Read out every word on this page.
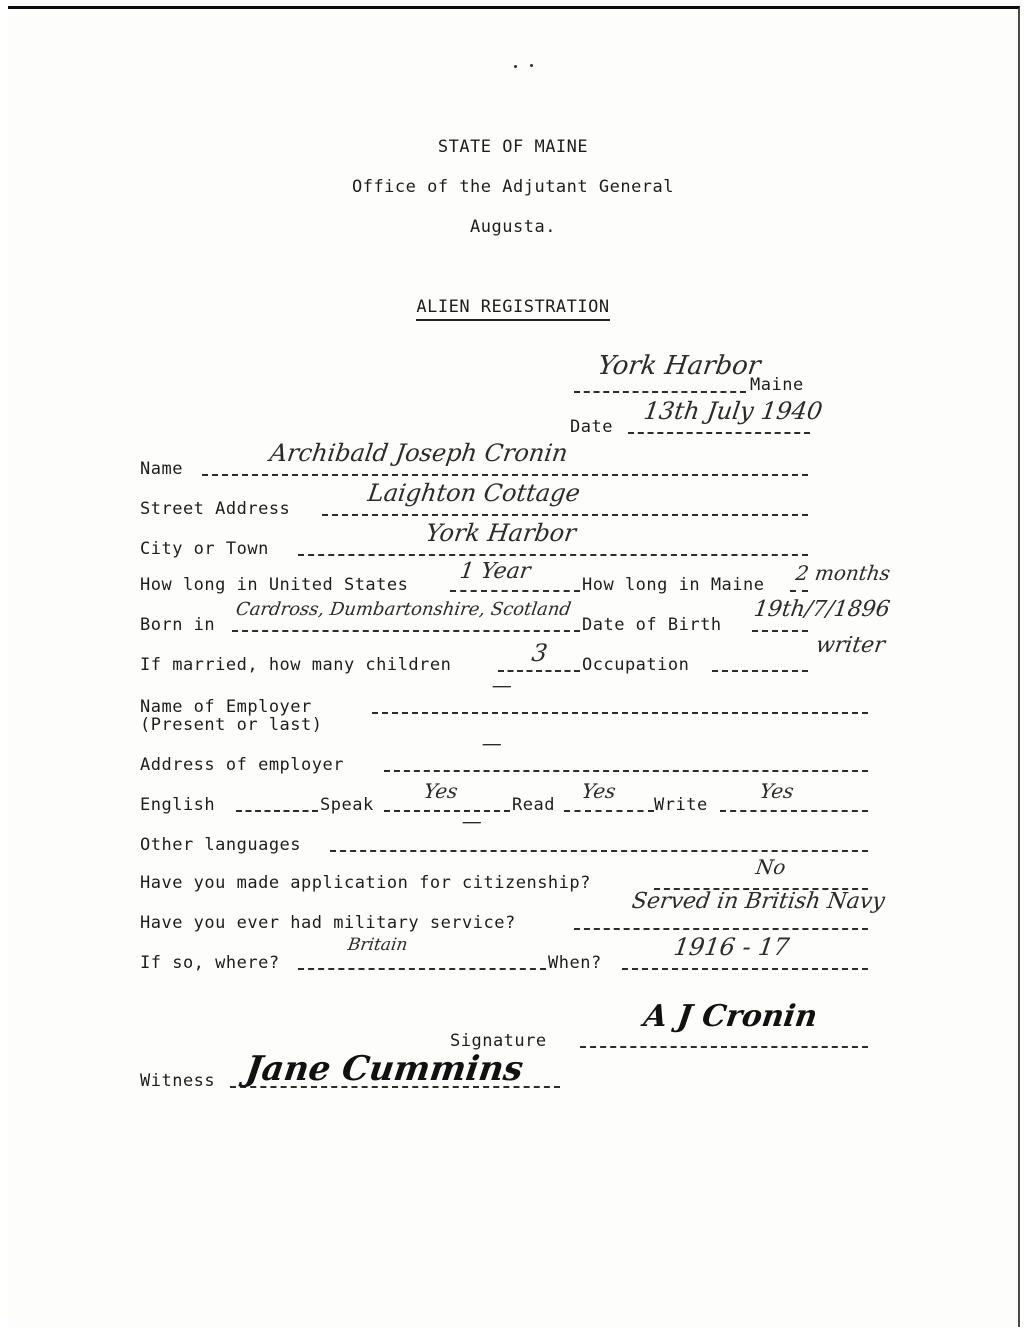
STATE OF MAINE
Office of the Adjutant General
Augusta.
ALIEN REGISTRATION
York Harbor
Maine
Date
13th July 1940
Name
Archibald Joseph Cronin
Street Address
Laighton Cottage
City or Town
York Harbor
How long in United States
1 Year
How long in Maine 2 months
Born in
Cardross, Dumbartonshire, Scotland
Date of Birth
19th/7/1896
If married, how many children	3 Occupation
writer
Name of Employer
(Present or last)
—
Address of employer
—
English	Speak
Yes
Read
Yes
Write
Yes
Other languages
—
Have you made application for citizenship?
No
Have you ever had military service?
Served in British Navy
If so, where?
Britain
When?
1916 - 17
Signature
A J Cronin
Witness Jane Cummins
